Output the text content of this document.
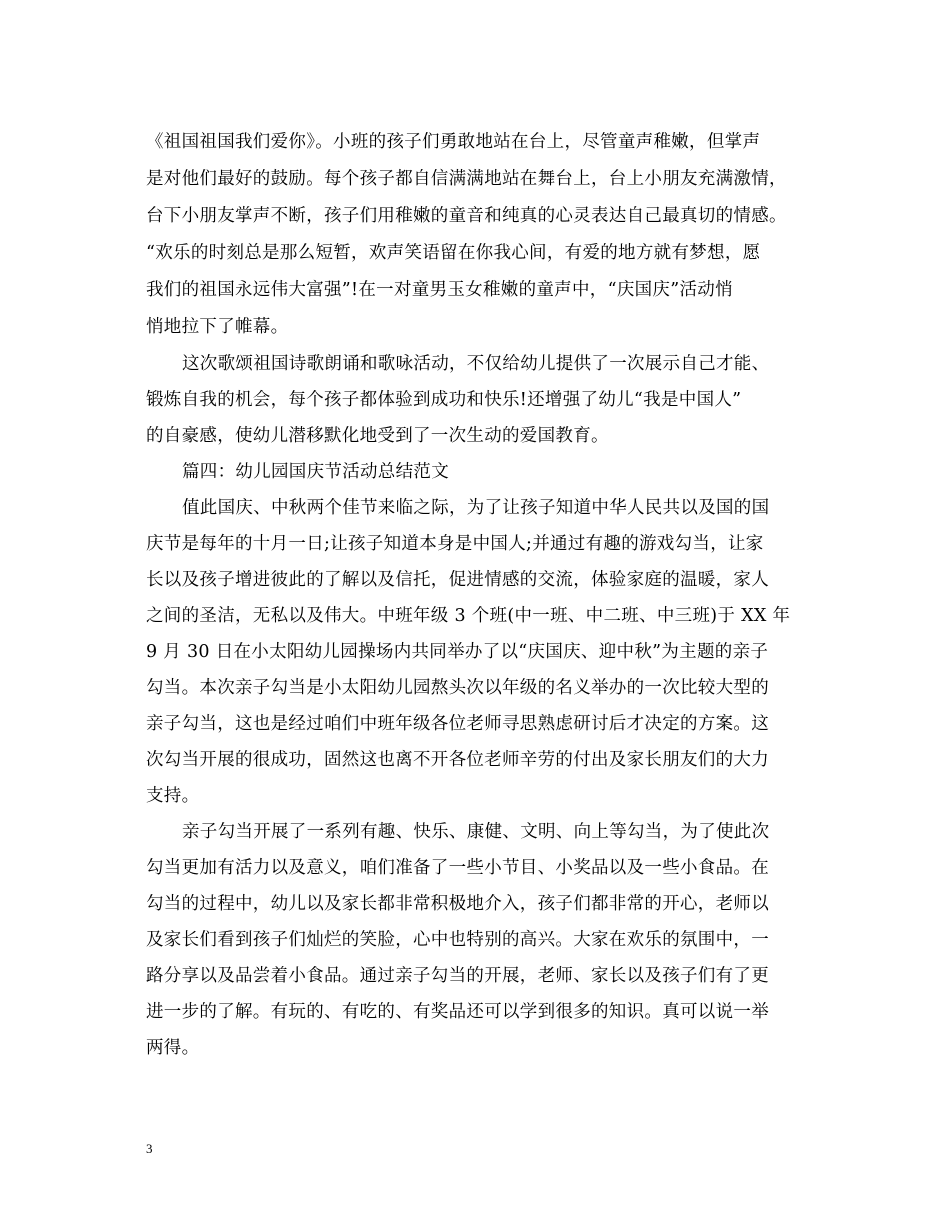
《祖国祖国我们爱你》。小班的孩子们勇敢地站在台上，尽管童声稚嫩，但掌声
是对他们最好的鼓励。每个孩子都自信满满地站在舞台上，台上小朋友充满激情，
台下小朋友掌声不断，孩子们用稚嫩的童音和纯真的心灵表达自己最真切的情感。
“欢乐的时刻总是那么短暂，欢声笑语留在你我心间，有爱的地方就有梦想，愿
我们的祖国永远伟大富强”!在一对童男玉女稚嫩的童声中，“庆国庆”活动悄
悄地拉下了帷幕。
这次歌颂祖国诗歌朗诵和歌咏活动，不仅给幼儿提供了一次展示自己才能、
锻炼自我的机会，每个孩子都体验到成功和快乐!还增强了幼儿“我是中国人”
的自豪感，使幼儿潜移默化地受到了一次生动的爱国教育。
篇四：幼儿园国庆节活动总结范文
值此国庆、中秋两个佳节来临之际，为了让孩子知道中华人民共以及国的国
庆节是每年的十月一日;让孩子知道本身是中国人;并通过有趣的游戏勾当，让家
长以及孩子增进彼此的了解以及信托，促进情感的交流，体验家庭的温暖，家人
之间的圣洁，无私以及伟大。中班年级 3 个班(中一班、中二班、中三班)于 XX 年
9 月 30 日在小太阳幼儿园操场内共同举办了以“庆国庆、迎中秋”为主题的亲子
勾当。本次亲子勾当是小太阳幼儿园熬头次以年级的名义举办的一次比较大型的
亲子勾当，这也是经过咱们中班年级各位老师寻思熟虑研讨后才决定的方案。这
次勾当开展的很成功，固然这也离不开各位老师辛劳的付出及家长朋友们的大力
支持。
亲子勾当开展了一系列有趣、快乐、康健、文明、向上等勾当，为了使此次
勾当更加有活力以及意义，咱们准备了一些小节目、小奖品以及一些小食品。在
勾当的过程中，幼儿以及家长都非常积极地介入，孩子们都非常的开心，老师以
及家长们看到孩子们灿烂的笑脸，心中也特别的高兴。大家在欢乐的氛围中，一
路分享以及品尝着小食品。通过亲子勾当的开展，老师、家长以及孩子们有了更
进一步的了解。有玩的、有吃的、有奖品还可以学到很多的知识。真可以说一举
两得。
3
